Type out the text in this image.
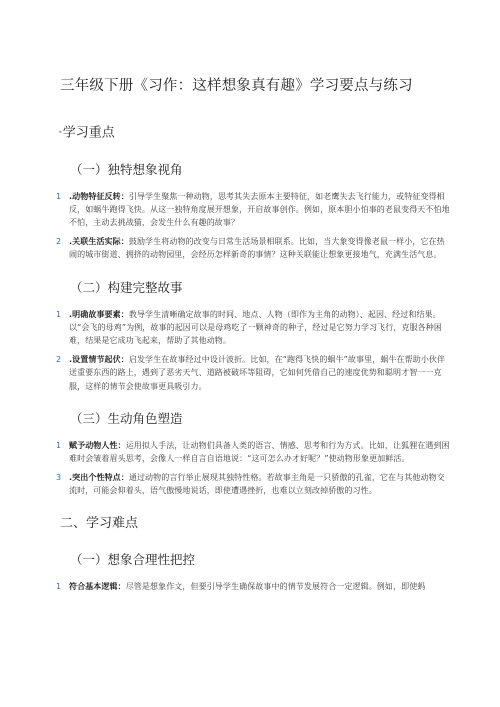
三年级下册《习作：这样想象真有趣》学习要点与练习
•学习重点
（一）独特想象视角
1 .动物特征反转：引导学生聚焦一种动物，思考其失去原本主要特征，如老鹰失去飞行能力，或特征变得相反，如蜗牛跑得飞快。从这一独特角度展开想象，开启故事创作。例如，原本胆小怕事的老鼠变得天不怕地不怕，主动去挑战猫，会发生什么有趣的故事？
2 .关联生活实际：鼓励学生将动物的改变与日常生活场景相联系。比如，当大象变得像老鼠一样小，它在热闹的城市街道、拥挤的动物园里，会经历怎样新奇的事情？这种关联能让想象更接地气，充满生活气息。
（二）构建完整故事
1 .明确故事要素：教导学生清晰确定故事的时间、地点、人物（即作为主角的动物）、起因、经过和结果。以“会飞的母鸡”为例，故事的起因可以是母鸡吃了一颗神奇的种子，经过是它努力学习飞行，克服各种困难，结果是它成功飞起来，帮助了其他动物。
2 .设置情节起伏：启发学生在故事经过中设计波折。比如，在“跑得飞快的蜗牛”故事里，蜗牛在帮助小伙伴送重要东西的路上，遇到了恶劣天气、道路被破坏等阻碍，它如何凭借自己的速度优势和聪明才智一一克服，这样的情节会使故事更具吸引力。
（三）生动角色塑造
1 赋予动物人性：运用拟人手法，让动物们具备人类的语言、情感、思考和行为方式。比如，让狐狸在遇到困难时会皱着眉头思考，会像人一样自言自语地说：“这可怎么办才好呢？”使动物形象更加鲜活。
3 .突出个性特点：通过动物的言行举止展现其独特性格。若故事主角是一只骄傲的孔雀，它在与其他动物交流时，可能会仰着头，语气傲慢地说话，即使遭遇挫折，也难以立刻改掉骄傲的习性。
二、学习难点
（一）想象合理性把控
1 符合基本逻辑：尽管是想象作文，但要引导学生确保故事中的情节发展符合一定逻辑。例如，即使蚂
